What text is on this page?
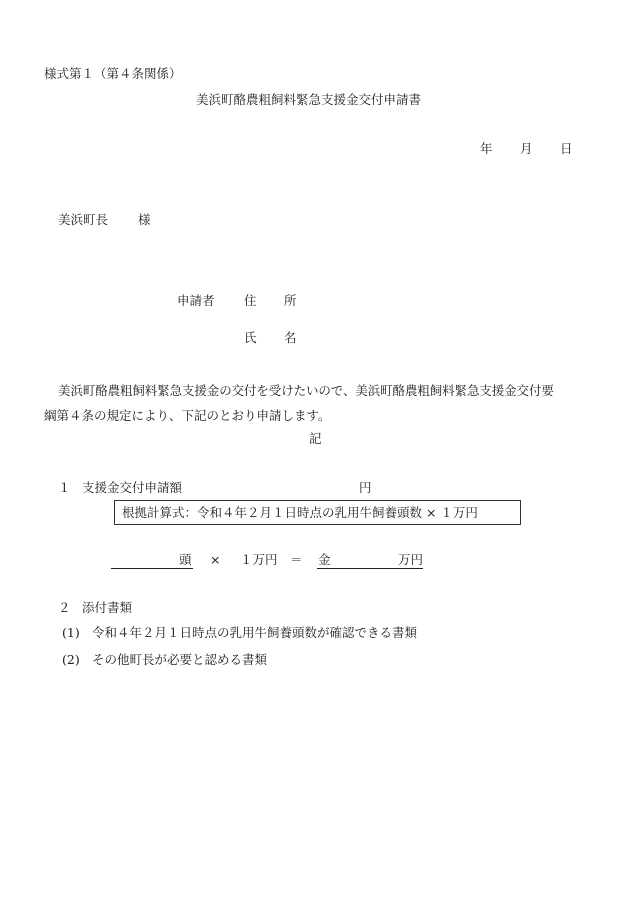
様式第１（第４条関係）
美浜町酪農粗飼料緊急支援金交付申請書
年 月 日
美浜町長 様
申請者 住 所
氏 名
美浜町酪農粗飼料緊急支援金の交付を受けたいので、美浜町酪農粗飼料緊急支援金交付要
綱第４条の規定により、下記のとおり申請します。
記
１ 支援金交付申請額	円
根拠計算式：令和４年２月１日時点の乳用牛飼養頭数 × １万円
頭 × １万円 ＝ 金	万円
２ 添付書類
(1) 令和４年２月１日時点の乳用牛飼養頭数が確認できる書類
(2) その他町長が必要と認める書類
